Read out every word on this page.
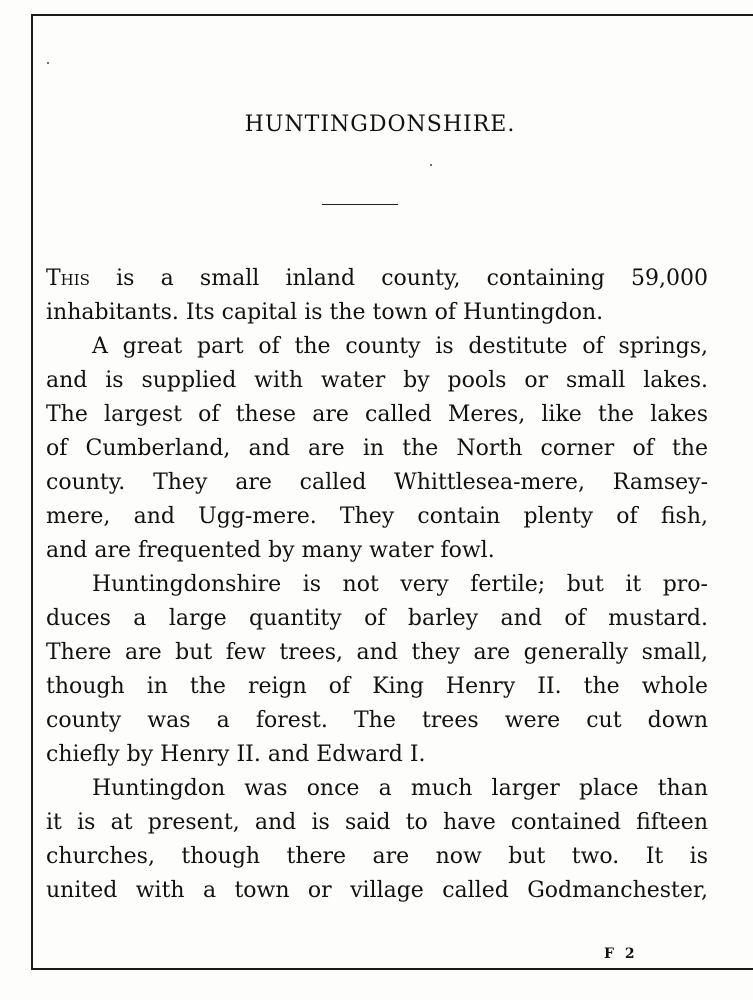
HUNTINGDONSHIRE.
This is a small inland county, containing 59,000
inhabitants. Its capital is the town of Huntingdon.
A great part of the county is destitute of springs,
and is supplied with water by pools or small lakes.
The largest of these are called Meres, like the lakes
of Cumberland, and are in the North corner of the
county. They are called Whittlesea-mere, Ramsey-
mere, and Ugg-mere. They contain plenty of fish,
and are frequented by many water fowl.
Huntingdonshire is not very fertile; but it pro-
duces a large quantity of barley and of mustard.
There are but few trees, and they are generally small,
though in the reign of King Henry II. the whole
county was a forest. The trees were cut down
chiefly by Henry II. and Edward I.
Huntingdon was once a much larger place than
it is at present, and is said to have contained fifteen
churches, though there are now but two. It is
united with a town or village called Godmanchester,
F 2
